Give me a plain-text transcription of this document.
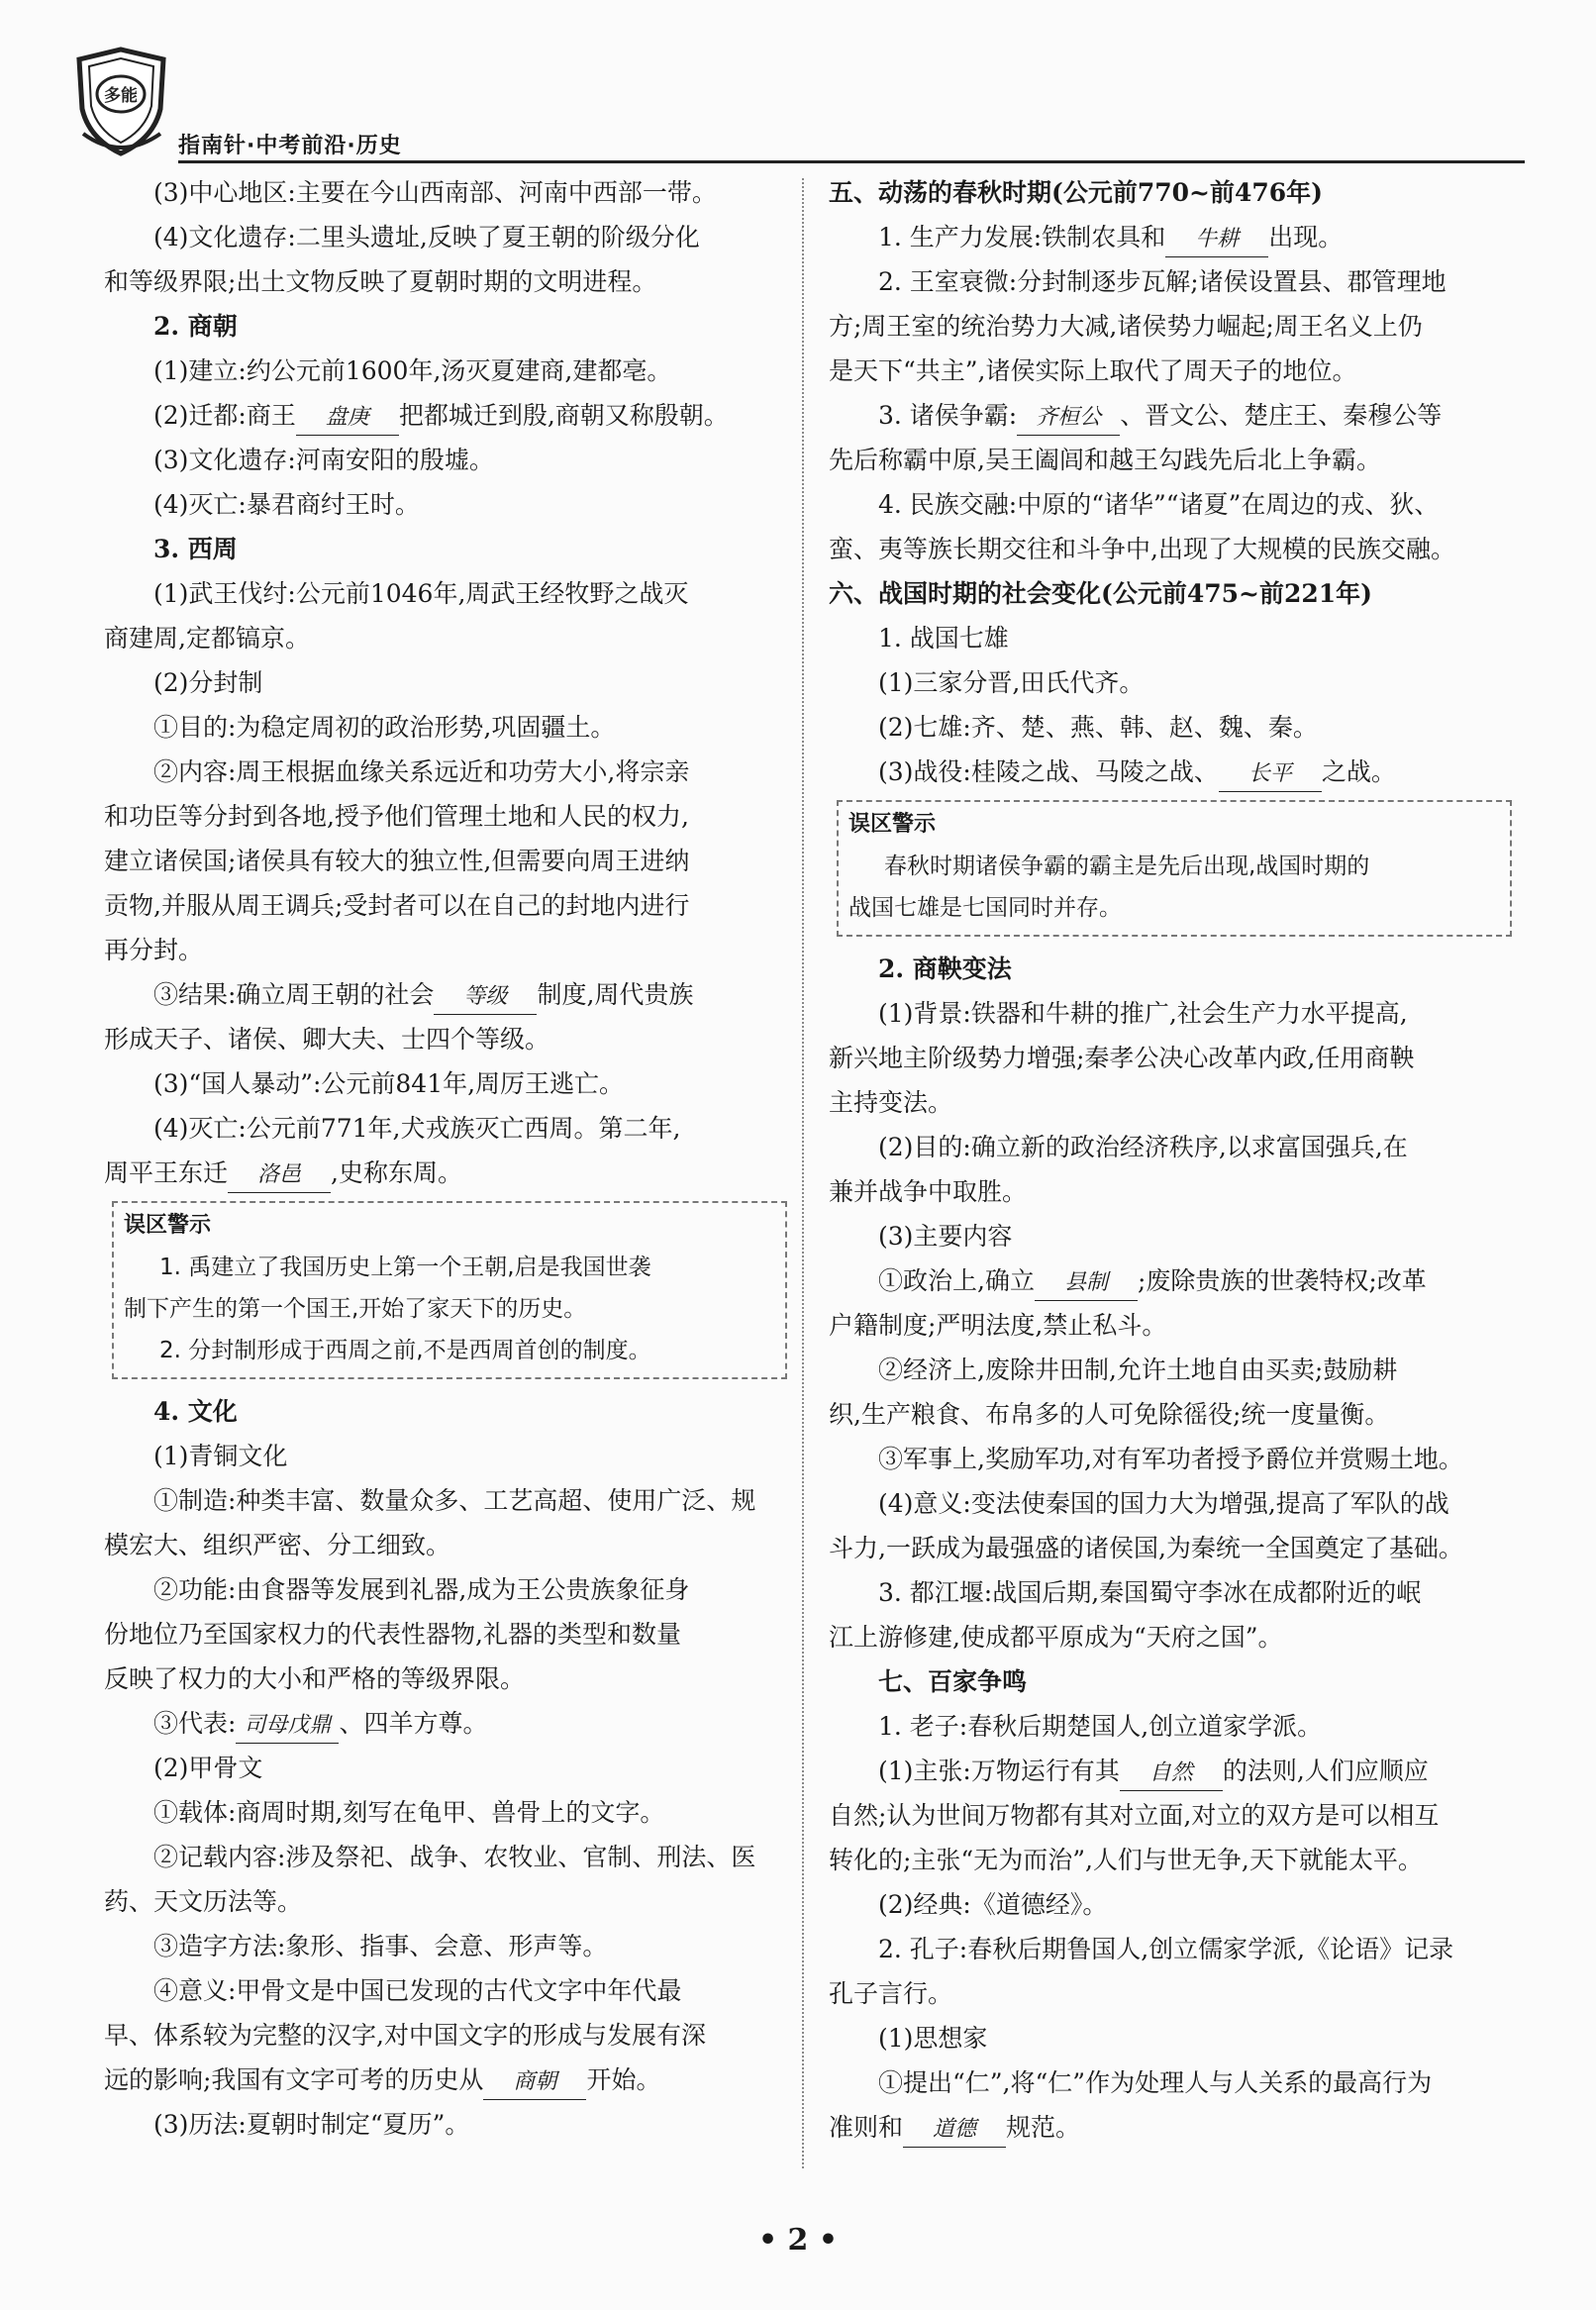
多能
指南针·中考前沿·历史

(3)中心地区:主要在今山西南部、河南中西部一带。

(4)文化遗存:二里头遗址,反映了夏王朝的阶级分化

和等级界限;出土文物反映了夏朝时期的文明进程。

2. 商朝

(1)建立:约公元前1600年,汤灭夏建商,建都亳。

(2)迁都:商王 盘庚 把都城迁到殷,商朝又称殷朝。

(3)文化遗存:河南安阳的殷墟。

(4)灭亡:暴君商纣王时。

3. 西周

(1)武王伐纣:公元前1046年,周武王经牧野之战灭

商建周,定都镐京。

(2)分封制

①目的:为稳定周初的政治形势,巩固疆土。

②内容:周王根据血缘关系远近和功劳大小,将宗亲

和功臣等分封到各地,授予他们管理土地和人民的权力,

建立诸侯国;诸侯具有较大的独立性,但需要向周王进纳

贡物,并服从周王调兵;受封者可以在自己的封地内进行

再分封。

③结果:确立周王朝的社会 等级 制度,周代贵族

形成天子、诸侯、卿大夫、士四个等级。

(3)“国人暴动”:公元前841年,周厉王逃亡。

(4)灭亡:公元前771年,犬戎族灭亡西周。第二年,

周平王东迁 洛邑 ,史称东周。

误区警示

1. 禹建立了我国历史上第一个王朝,启是我国世袭

制下产生的第一个国王,开始了家天下的历史。

2. 分封制形成于西周之前,不是西周首创的制度。

4. 文化

(1)青铜文化

①制造:种类丰富、数量众多、工艺高超、使用广泛、规

模宏大、组织严密、分工细致。

②功能:由食器等发展到礼器,成为王公贵族象征身

份地位乃至国家权力的代表性器物,礼器的类型和数量

反映了权力的大小和严格的等级界限。

③代表: 司母戊鼎 、四羊方尊。

(2)甲骨文

①载体:商周时期,刻写在龟甲、兽骨上的文字。

②记载内容:涉及祭祀、战争、农牧业、官制、刑法、医

药、天文历法等。

③造字方法:象形、指事、会意、形声等。

④意义:甲骨文是中国已发现的古代文字中年代最

早、体系较为完整的汉字,对中国文字的形成与发展有深

远的影响;我国有文字可考的历史从 商朝 开始。

(3)历法:夏朝时制定“夏历”。

五、动荡的春秋时期(公元前770~前476年)

1. 生产力发展:铁制农具和 牛耕 出现。

2. 王室衰微:分封制逐步瓦解;诸侯设置县、郡管理地

方;周王室的统治势力大减,诸侯势力崛起;周王名义上仍

是天下“共主”,诸侯实际上取代了周天子的地位。

3. 诸侯争霸: 齐桓公 、晋文公、楚庄王、秦穆公等

先后称霸中原,吴王阖闾和越王勾践先后北上争霸。

4. 民族交融:中原的“诸华”“诸夏”在周边的戎、狄、

蛮、夷等族长期交往和斗争中,出现了大规模的民族交融。

六、战国时期的社会变化(公元前475~前221年)

1. 战国七雄

(1)三家分晋,田氏代齐。

(2)七雄:齐、楚、燕、韩、赵、魏、秦。

(3)战役:桂陵之战、马陵之战、 长平 之战。

误区警示

春秋时期诸侯争霸的霸主是先后出现,战国时期的

战国七雄是七国同时并存。

2. 商鞅变法

(1)背景:铁器和牛耕的推广,社会生产力水平提高,

新兴地主阶级势力增强;秦孝公决心改革内政,任用商鞅

主持变法。

(2)目的:确立新的政治经济秩序,以求富国强兵,在

兼并战争中取胜。

(3)主要内容

①政治上,确立 县制 ;废除贵族的世袭特权;改革

户籍制度;严明法度,禁止私斗。

②经济上,废除井田制,允许土地自由买卖;鼓励耕

织,生产粮食、布帛多的人可免除徭役;统一度量衡。

③军事上,奖励军功,对有军功者授予爵位并赏赐土地。

(4)意义:变法使秦国的国力大为增强,提高了军队的战

斗力,一跃成为最强盛的诸侯国,为秦统一全国奠定了基础。

3. 都江堰:战国后期,秦国蜀守李冰在成都附近的岷

江上游修建,使成都平原成为“天府之国”。

七、百家争鸣

1. 老子:春秋后期楚国人,创立道家学派。

(1)主张:万物运行有其 自然 的法则,人们应顺应

自然;认为世间万物都有其对立面,对立的双方是可以相互

转化的;主张“无为而治”,人们与世无争,天下就能太平。

(2)经典:《道德经》。

2. 孔子:春秋后期鲁国人,创立儒家学派,《论语》记录

孔子言行。

(1)思想家

①提出“仁”,将“仁”作为处理人与人关系的最高行为

准则和 道德 规范。

• 2 •
